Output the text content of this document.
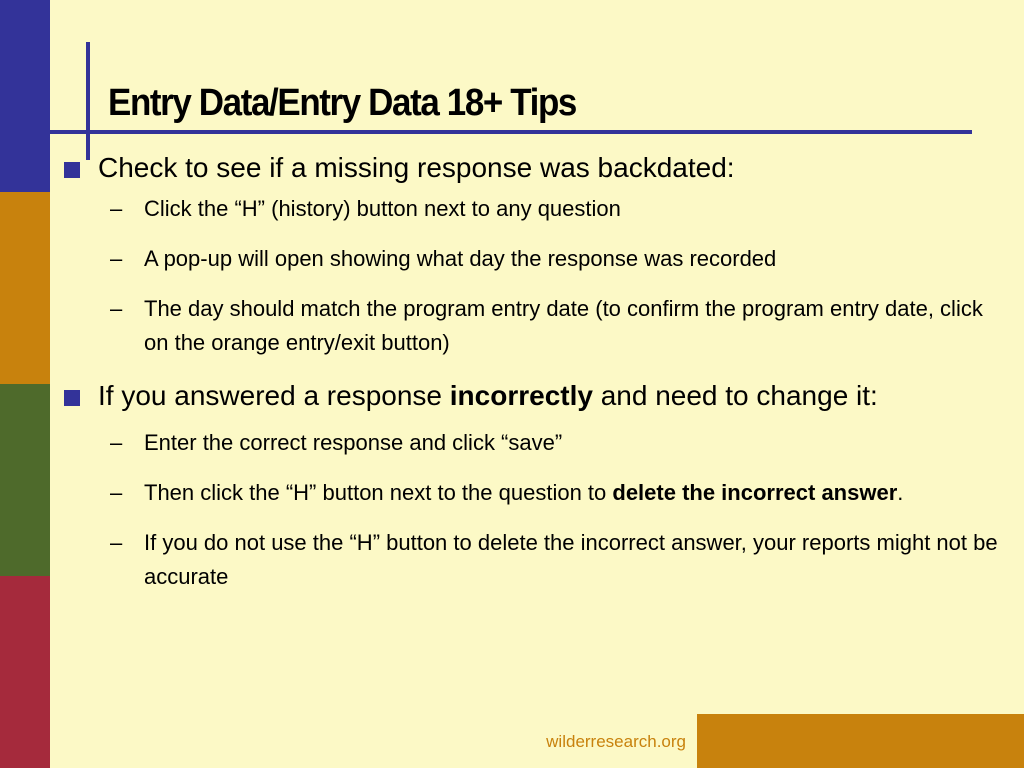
Entry Data/Entry Data 18+ Tips
Check to see if a missing response was backdated:
– Click the “H” (history) button next to any question
– A pop-up will open showing what day the response was recorded
– The day should match the program entry date (to confirm the program entry date, click on the orange entry/exit button)
If you answered a response incorrectly and need to change it:
– Enter the correct response and click “save”
– Then click the “H” button next to the question to delete the incorrect answer.
– If you do not use the “H” button to delete the incorrect answer, your reports might not be accurate
wilderresearch.org
